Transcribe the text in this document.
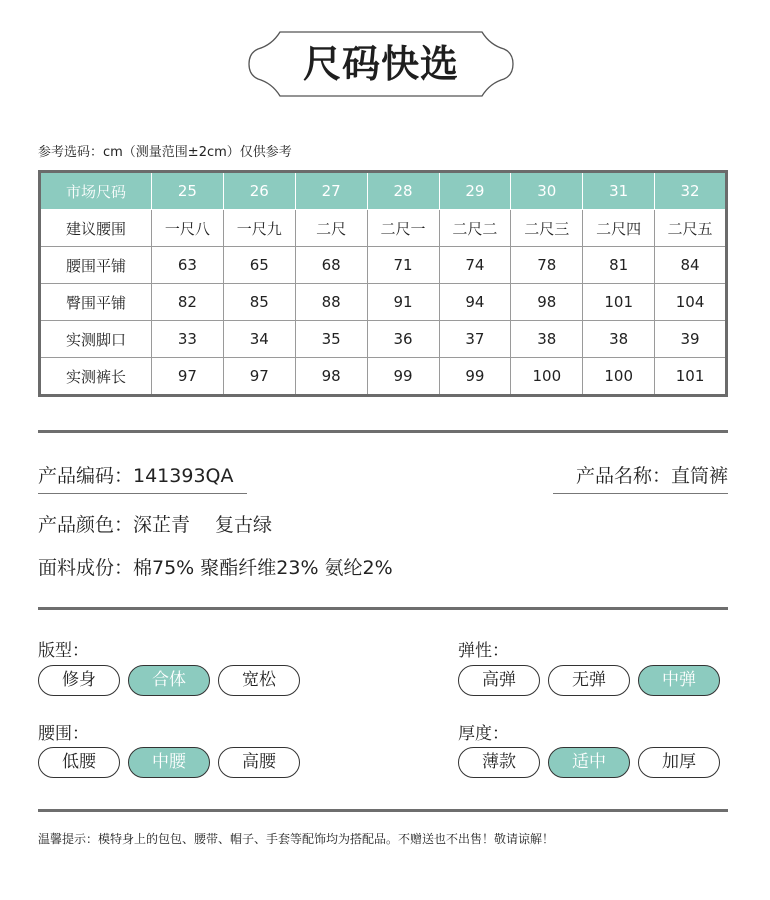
尺码快选
参考选码：cm（测量范围±2cm）仅供参考
市场尺码	25	26	27	28	29	30	31	32
建议腰围	一尺八	一尺九	二尺	二尺一	二尺二	二尺三	二尺四	二尺五
腰围平铺	63	65	68	71	74	78	81	84
臀围平铺	82	85	88	91	94	98	101	104
实测脚口	33	34	35	36	37	38	38	39
实测裤长	97	97	98	99	99	100	100	101
产品编码：141393QA	产品名称：直筒裤
产品颜色：深芷青　 复古绿
面料成份：棉75% 聚酯纤维23% 氨纶2%
版型：
修身	合体	宽松
弹性：
高弹	无弹	中弹
腰围：
低腰	中腰	高腰
厚度：
薄款	适中	加厚
温馨提示：模特身上的包包、腰带、帽子、手套等配饰均为搭配品。不赠送也不出售！敬请谅解！
